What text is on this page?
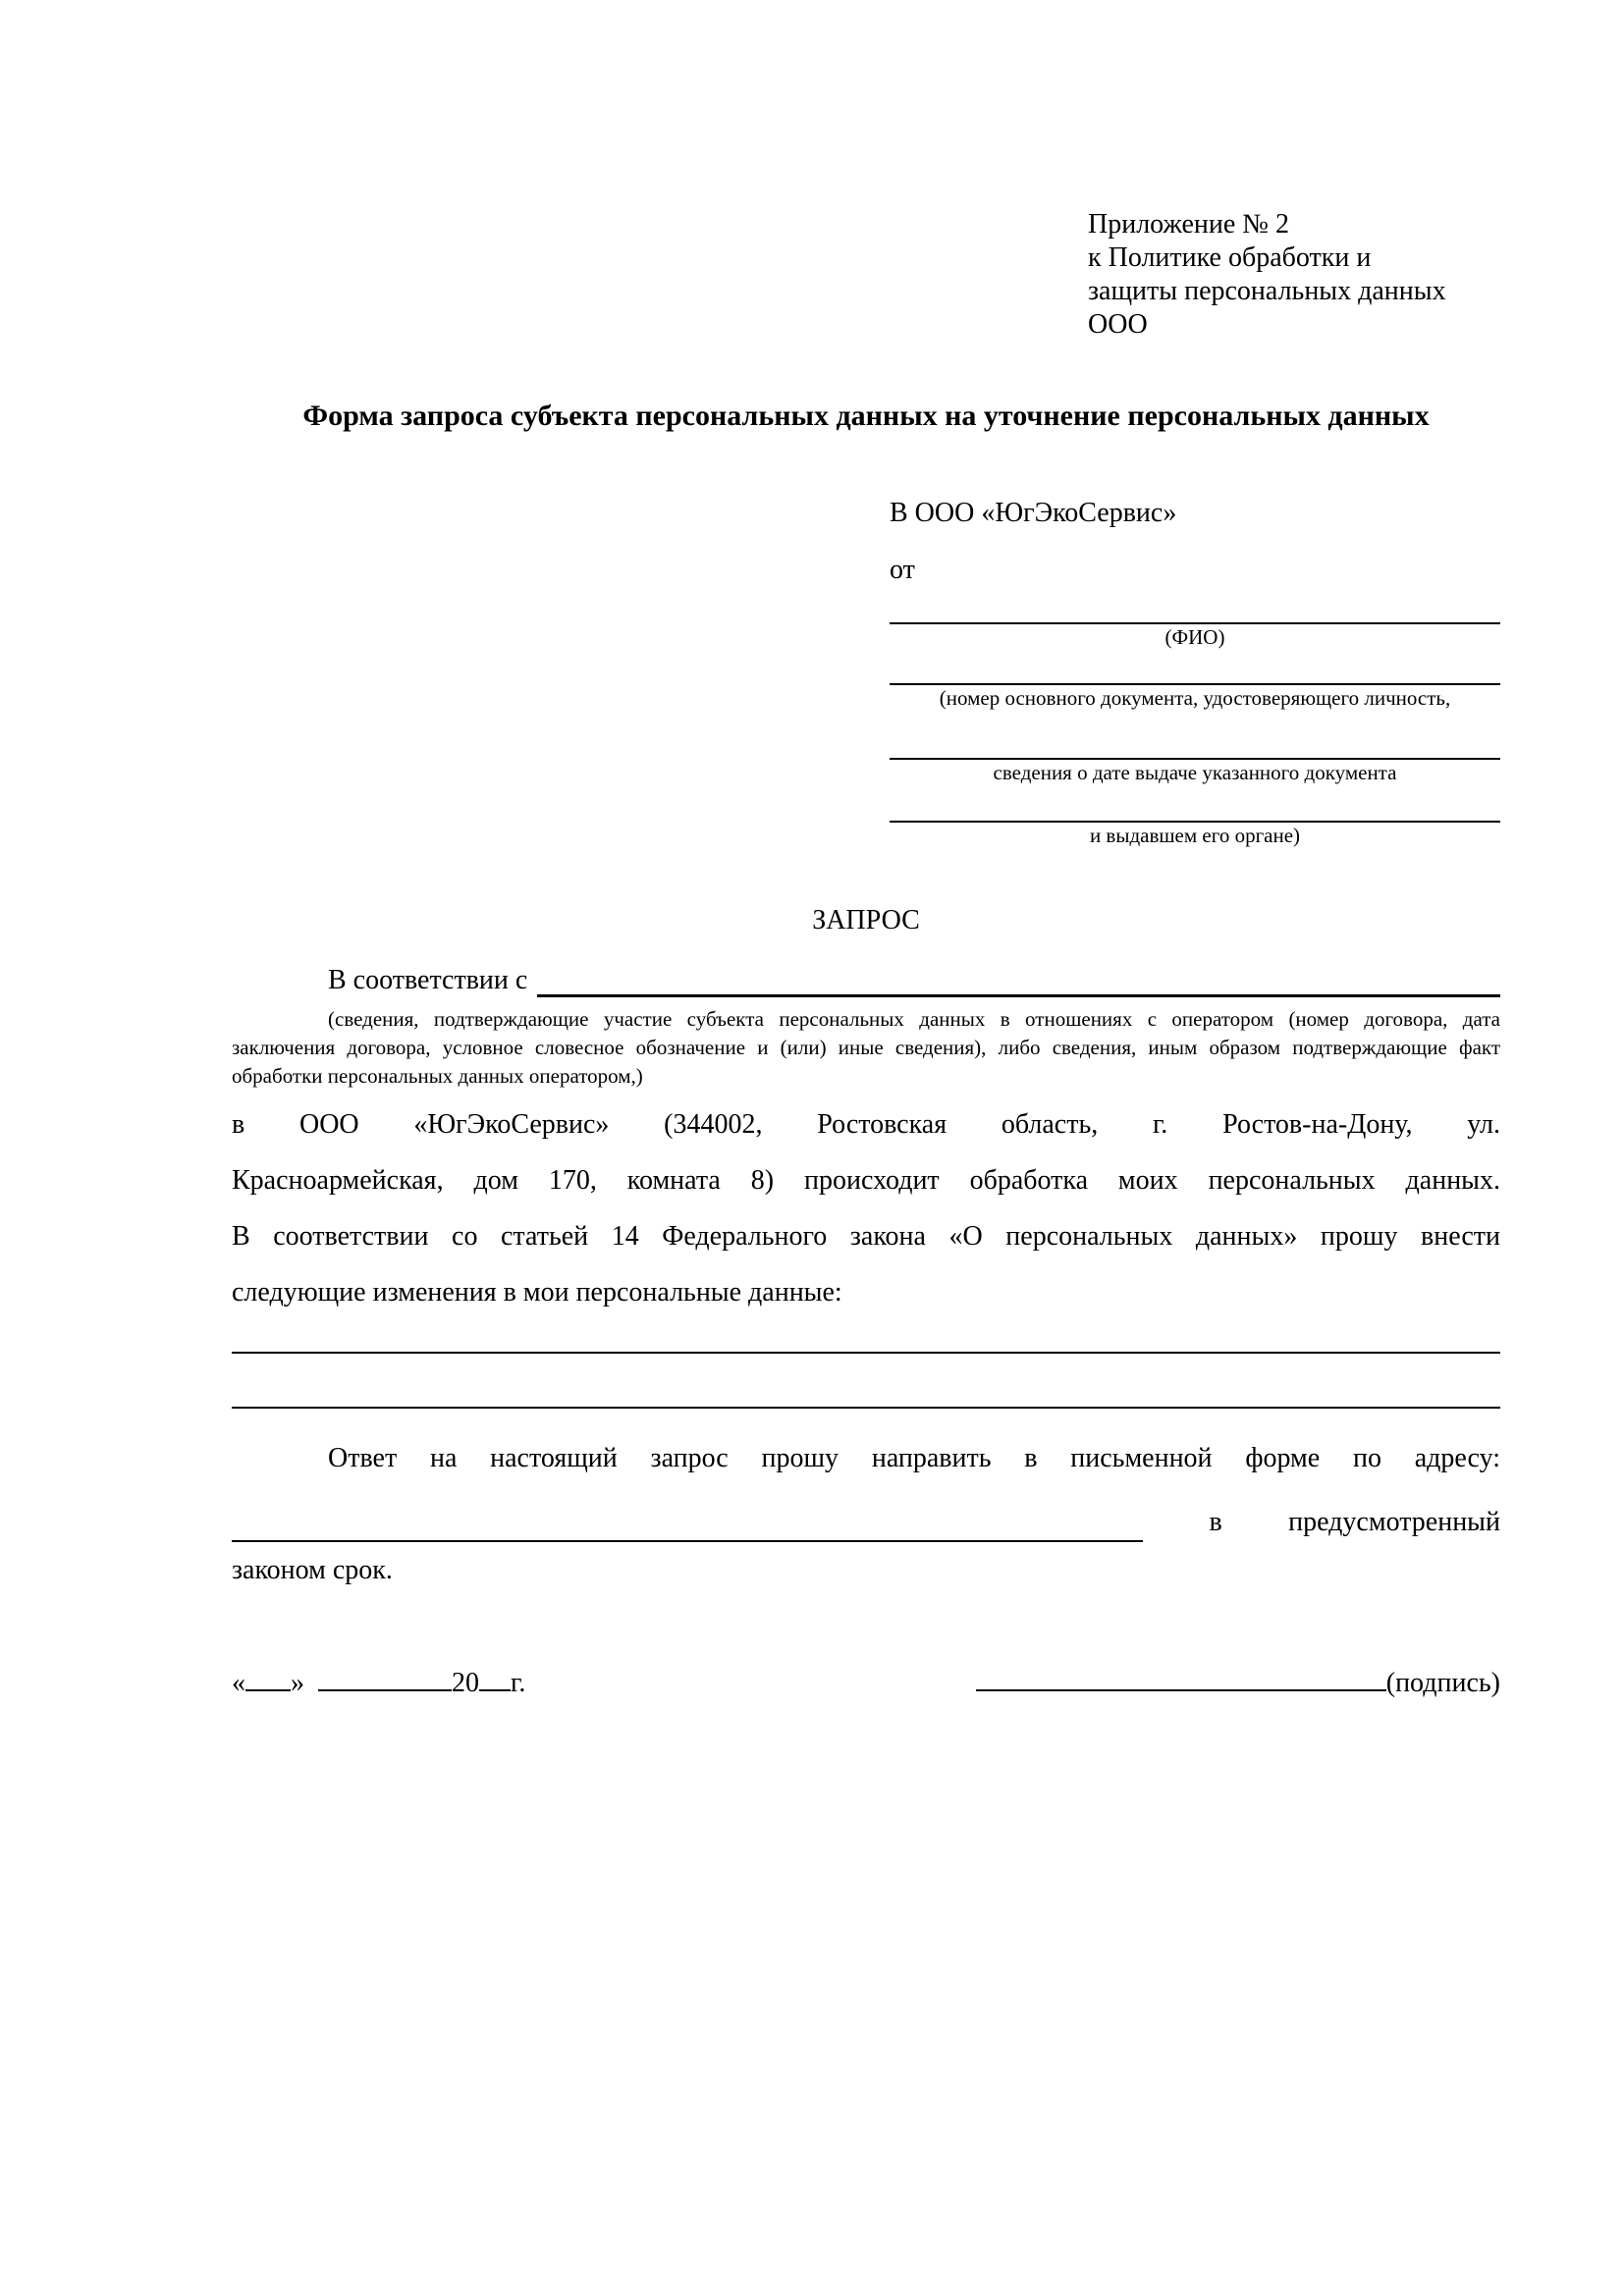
Приложение № 2
к Политике обработки и
защиты персональных данных
ООО
Форма запроса субъекта персональных данных на уточнение персональных данных
В ООО «ЮгЭкоСервис»
от
(ФИО)
(номер основного документа, удостоверяющего личность,
сведения о дате выдаче указанного документа
и выдавшем его органе)
ЗАПРОС
В соответствии с
(сведения, подтверждающие участие субъекта персональных данных в отношениях с оператором (номер договора, дата
заключения договора, условное словесное обозначение и (или) иные сведения), либо сведения, иным образом подтверждающие факт
обработки персональных данных оператором,)
в ООО «ЮгЭкоСервис» (344002, Ростовская область, г. Ростов-на-Дону, ул.
Красноармейская, дом 170, комната 8) происходит обработка моих персональных данных.
В соответствии со статьей 14 Федерального закона «О персональных данных» прошу внести
следующие изменения в мои персональные данные:
Ответ на настоящий запрос прошу направить в письменной форме по адресу:
в предусмотренный
законом срок.
« »	20 г.	(подпись)
